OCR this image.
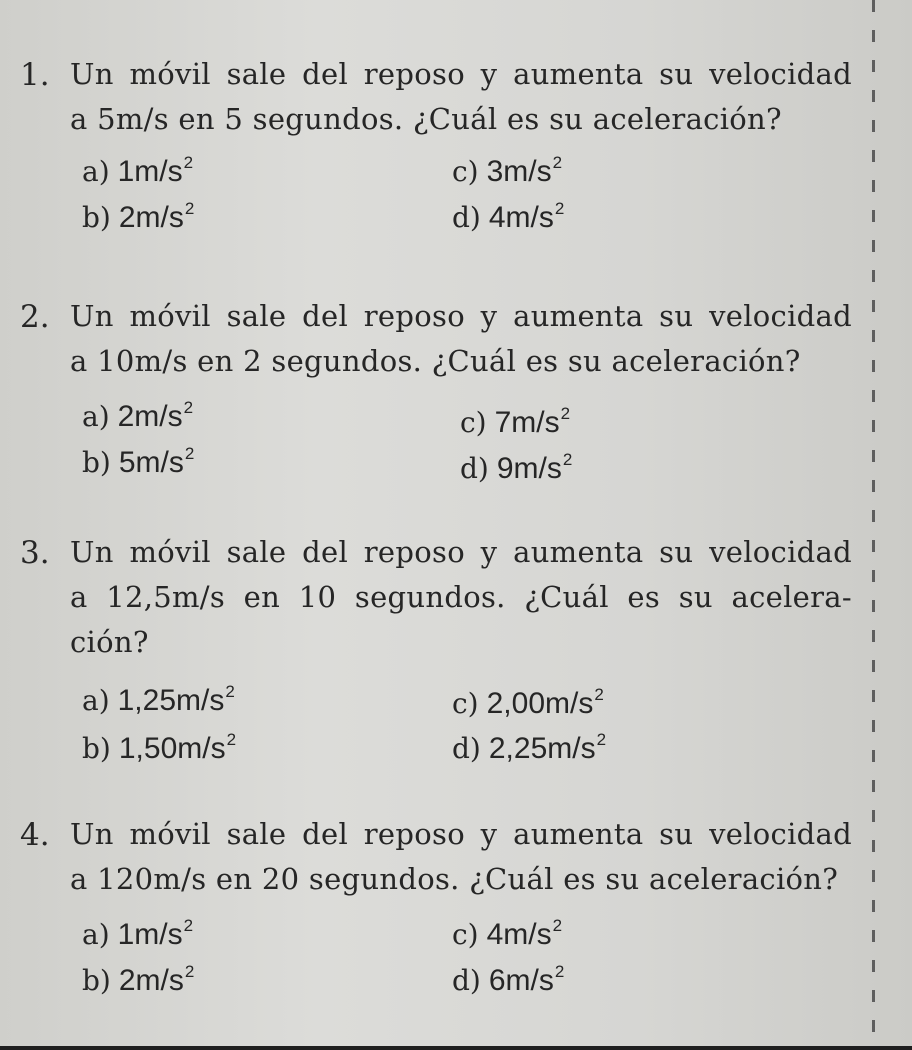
1. Un móvil sale del reposo y aumenta su velocidad
a 5m/s en 5 segundos. ¿Cuál es su aceleración?
a) $1m/s^2$
b) $2m/s^2$
c) $3m/s^2$
d) $4m/s^2$
2. Un móvil sale del reposo y aumenta su velocidad
a 10m/s en 2 segundos. ¿Cuál es su aceleración?
a) $2m/s^2$
b) $5m/s^2$
c) $7m/s^2$
d) $9m/s^2$
3. Un móvil sale del reposo y aumenta su velocidad
a 12,5m/s en 10 segundos. ¿Cuál es su acelera-
ción?
a) $1,25m/s^2$
b) $1,50m/s^2$
c) $2,00m/s^2$
d) $2,25m/s^2$
4. Un móvil sale del reposo y aumenta su velocidad
a 120m/s en 20 segundos. ¿Cuál es su aceleración?
a) $1m/s^2$
b) $2m/s^2$
c) $4m/s^2$
d) $6m/s^2$
